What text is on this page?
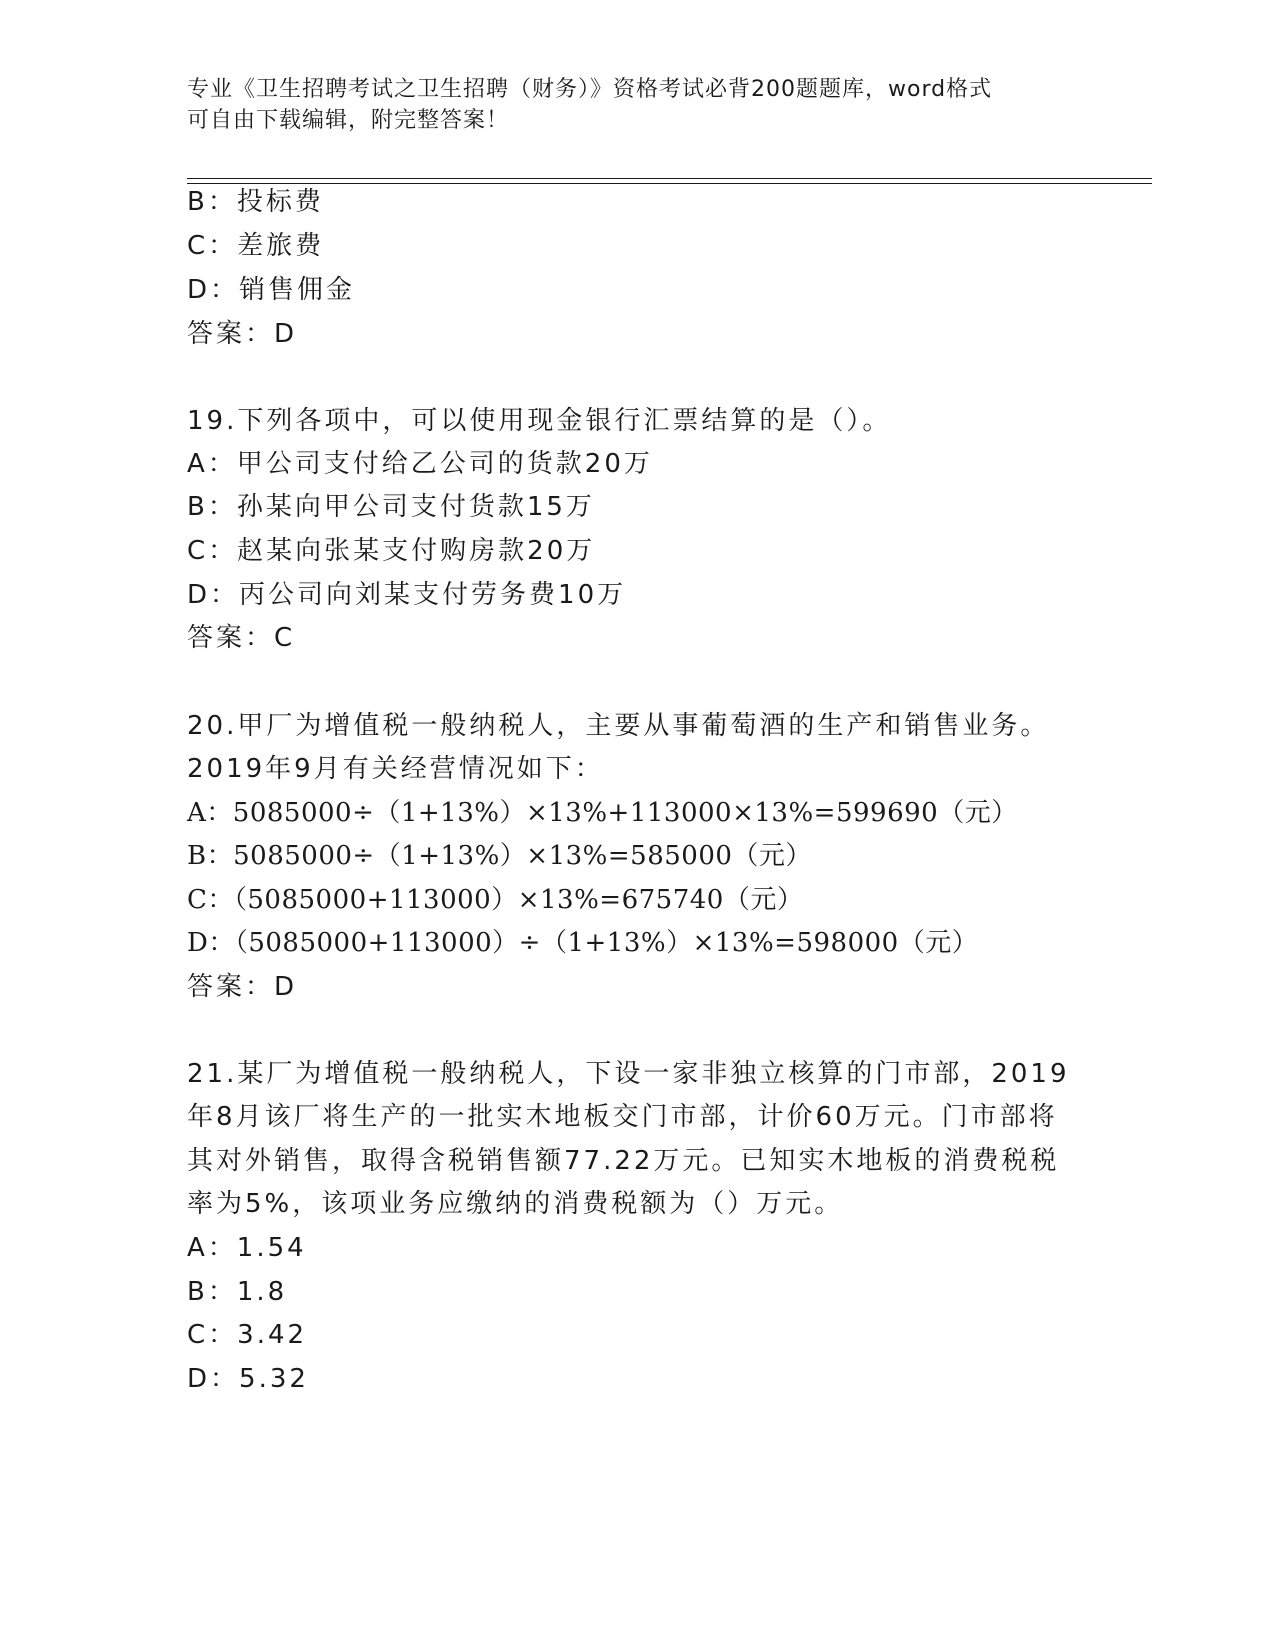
专业《卫生招聘考试之卫生招聘（财务）》资格考试必背200题题库，word格式
可自由下载编辑，附完整答案！
B：投标费
C：差旅费
D：销售佣金
答案：D
19.下列各项中，可以使用现金银行汇票结算的是（）。
A：甲公司支付给乙公司的货款20万
B：孙某向甲公司支付货款15万
C：赵某向张某支付购房款20万
D：丙公司向刘某支付劳务费10万
答案：C
20.甲厂为增值税一般纳税人，主要从事葡萄酒的生产和销售业务。
2019年9月有关经营情况如下：
A：5085000÷（1+13%）×13%+113000×13%=599690（元）
B：5085000÷（1+13%）×13%=585000（元）
C：（5085000+113000）×13%=675740（元）
D：（5085000+113000）÷（1+13%）×13%=598000（元）
答案：D
21.某厂为增值税一般纳税人，下设一家非独立核算的门市部，2019
年8月该厂将生产的一批实木地板交门市部，计价60万元。门市部将
其对外销售，取得含税销售额77.22万元。已知实木地板的消费税税
率为5%，该项业务应缴纳的消费税额为（）万元。
A：1.54
B：1.8
C：3.42
D：5.32
